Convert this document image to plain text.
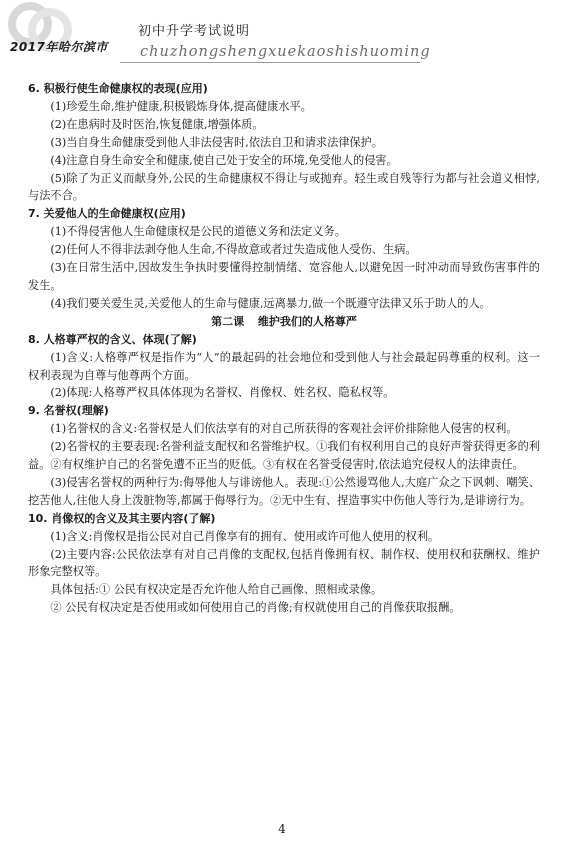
2017年哈尔滨市
初中升学考试说明
chuzhongshengxuekaoshishuoming

6. 积极行使生命健康权的表现(应用)

(1)珍爱生命,维护健康,积极锻炼身体,提高健康水平。

(2)在患病时及时医治,恢复健康,增强体质。

(3)当自身生命健康受到他人非法侵害时,依法自卫和请求法律保护。

(4)注意自身生命安全和健康,使自己处于安全的环境,免受他人的侵害。

(5)除了为正义而献身外,公民的生命健康权不得让与或抛弃。轻生或自残等行为都与社会道义相悖,与法不合。

7. 关爱他人的生命健康权(应用)

(1)不得侵害他人生命健康权是公民的道德义务和法定义务。

(2)任何人不得非法剥夺他人生命,不得故意或者过失造成他人受伤、生病。

(3)在日常生活中,因故发生争执时要懂得控制情绪、宽容他人,以避免因一时冲动而导致伤害事件的发生。

(4)我们要关爱生灵,关爱他人的生命与健康,远离暴力,做一个既遵守法律又乐于助人的人。

第二课 维护我们的人格尊严

8. 人格尊严权的含义、体现(了解)

(1)含义:人格尊严权是指作为“人”的最起码的社会地位和受到他人与社会最起码尊重的权利。这一权利表现为自尊与他尊两个方面。

(2)体现:人格尊严权具体体现为名誉权、肖像权、姓名权、隐私权等。

9. 名誉权(理解)

(1)名誉权的含义:名誉权是人们依法享有的对自己所获得的客观社会评价排除他人侵害的权利。

(2)名誉权的主要表现:名誉利益支配权和名誉维护权。①我们有权利用自己的良好声誉获得更多的利益。②有权维护自己的名誉免遭不正当的贬低。③有权在名誉受侵害时,依法追究侵权人的法律责任。

(3)侵害名誉权的两种行为:侮辱他人与诽谤他人。表现:①公然谩骂他人,大庭广众之下讽刺、嘲笑、挖苦他人,往他人身上泼脏物等,都属于侮辱行为。②无中生有、捏造事实中伤他人等行为,是诽谤行为。

10. 肖像权的含义及其主要内容(了解)

(1)含义:肖像权是指公民对自己肖像享有的拥有、使用或许可他人使用的权利。

(2)主要内容:公民依法享有对自己肖像的支配权,包括肖像拥有权、制作权、使用权和获酬权、维护形象完整权等。

具体包括:① 公民有权决定是否允许他人给自己画像、照相或录像。

② 公民有权决定是否使用或如何使用自己的肖像;有权就使用自己的肖像获取报酬。

4
